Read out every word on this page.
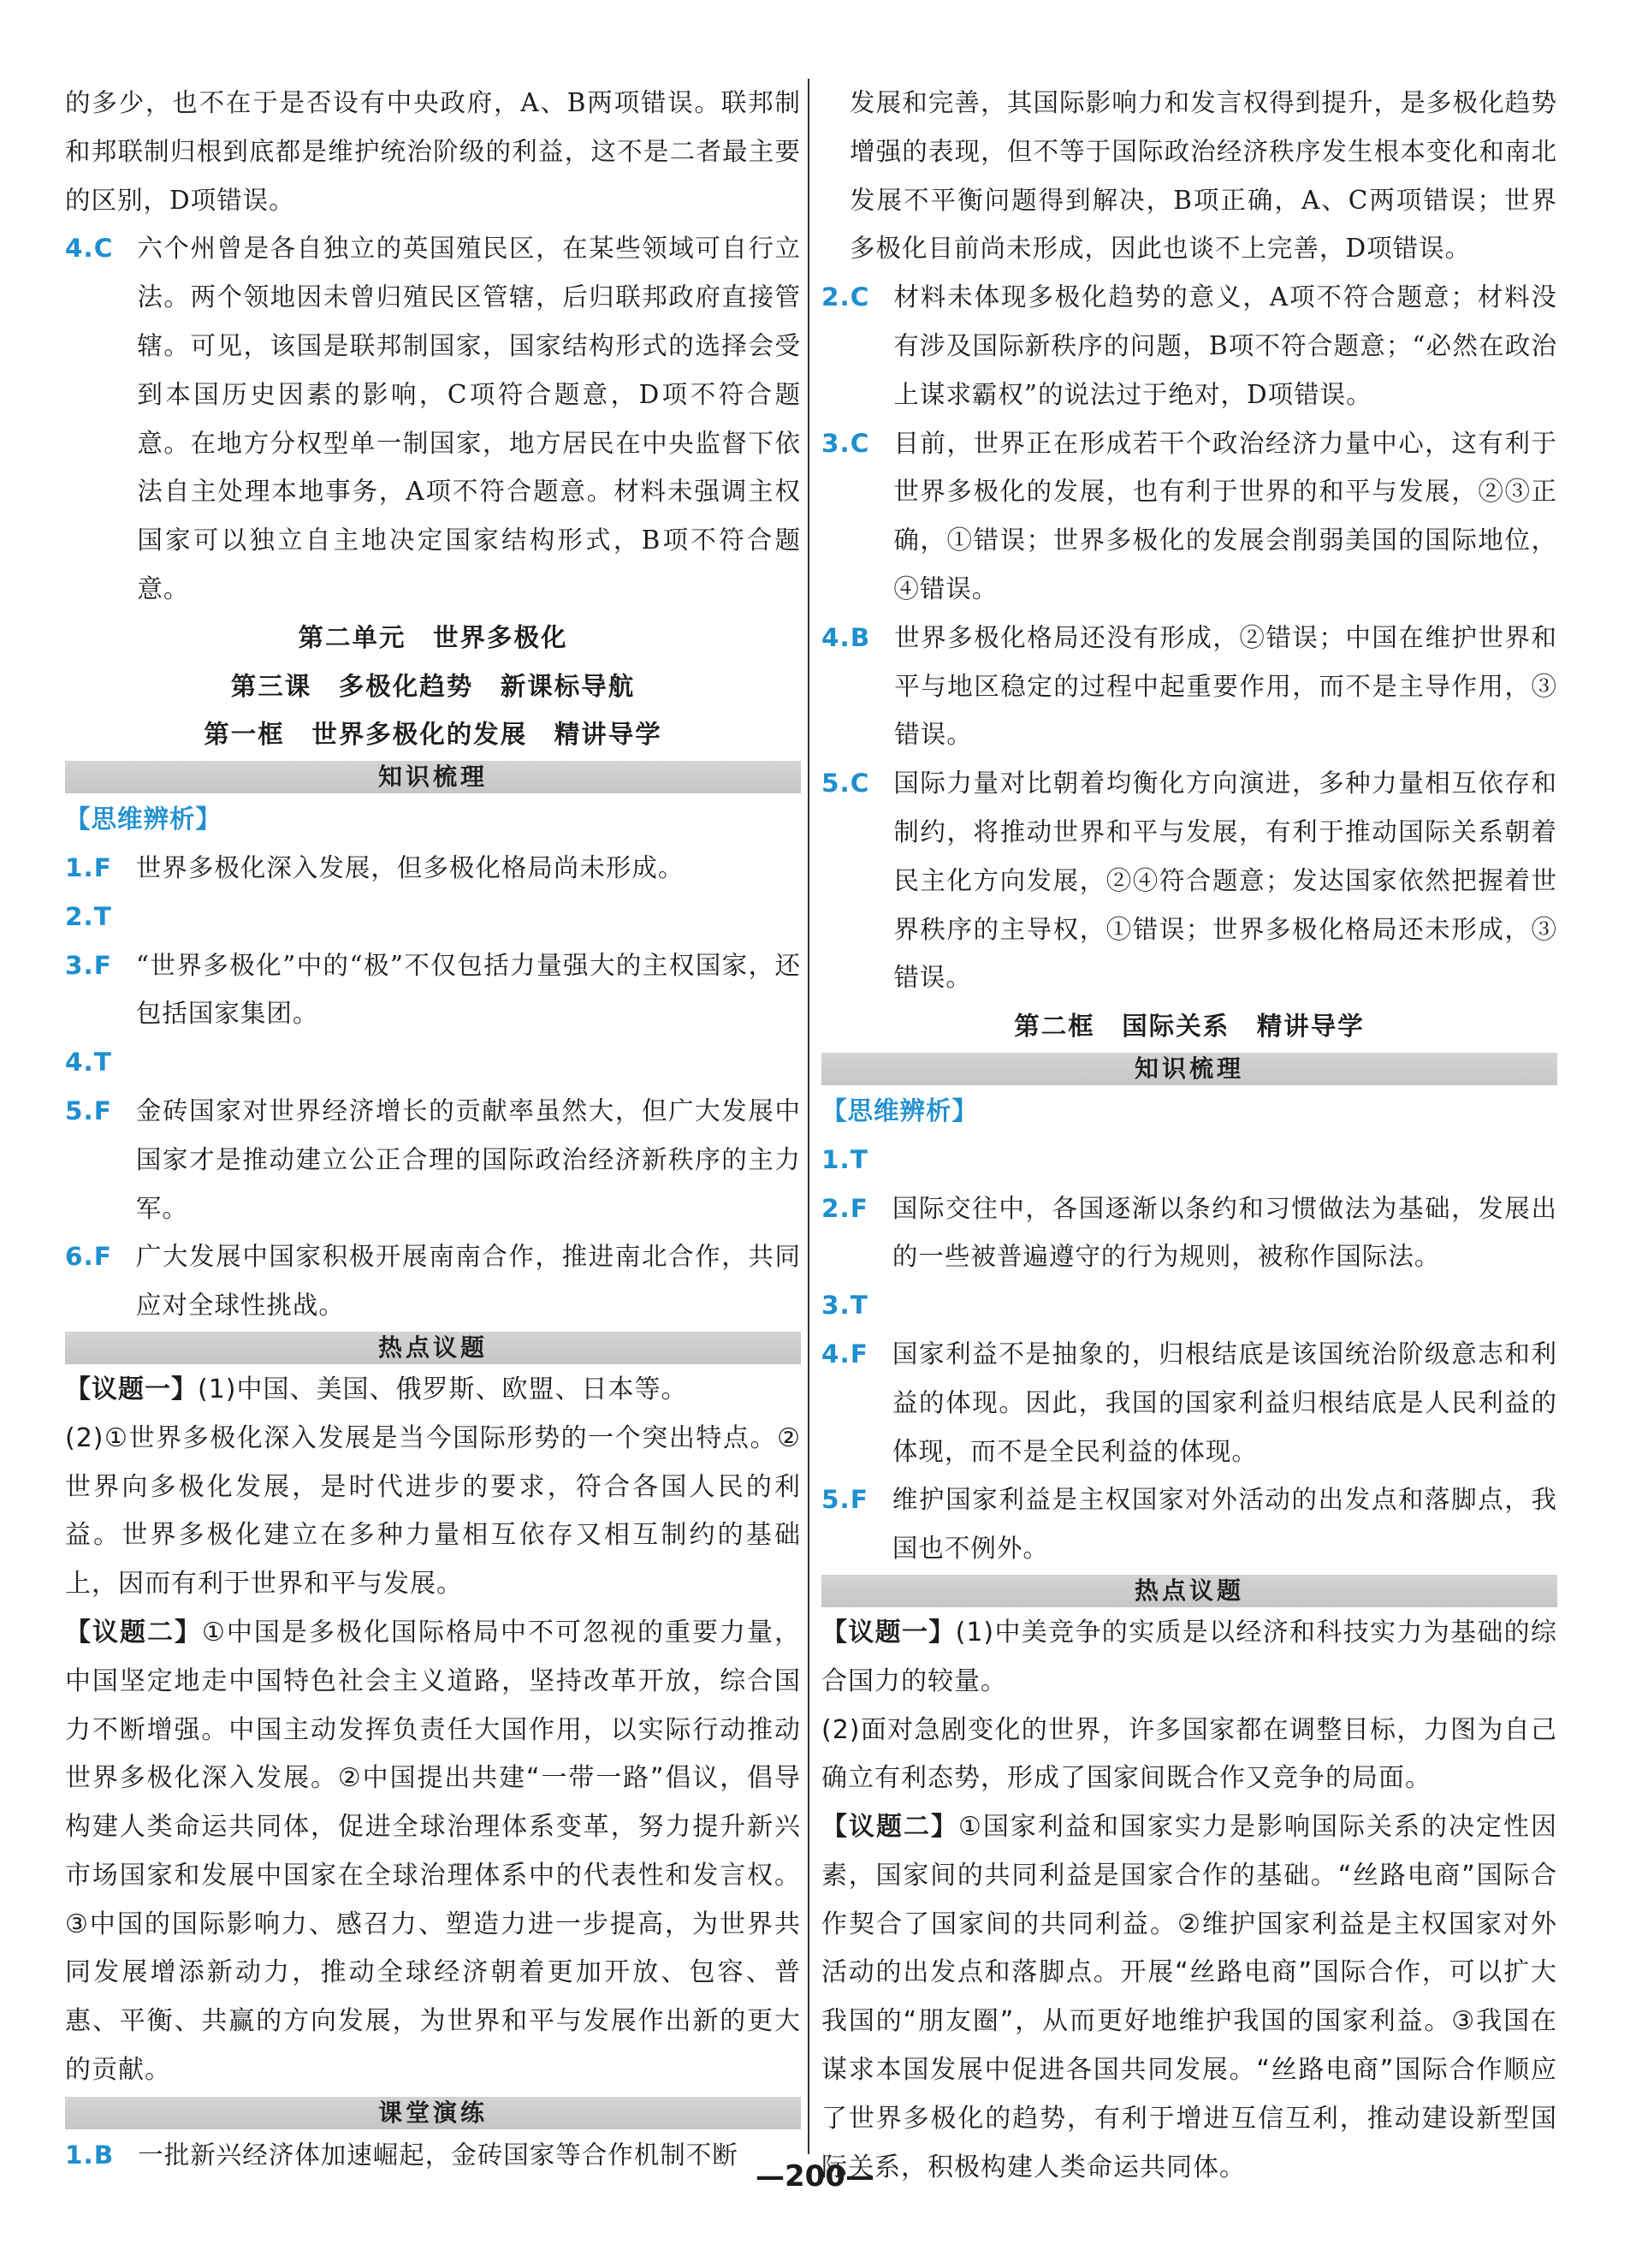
的多少，也不在于是否设有中央政府，A、B两项错误。联邦制和邦联制归根到底都是维护统治阶级的利益，这不是二者最主要的区别，D项错误。
4.C 六个州曾是各自独立的英国殖民区，在某些领域可自行立法。两个领地因未曾归殖民区管辖，后归联邦政府直接管辖。可见，该国是联邦制国家，国家结构形式的选择会受到本国历史因素的影响，C项符合题意，D项不符合题意。在地方分权型单一制国家，地方居民在中央监督下依法自主处理本地事务，A项不符合题意。材料未强调主权国家可以独立自主地决定国家结构形式，B项不符合题意。
第二单元　世界多极化
第三课　多极化趋势　新课标导航
第一框　世界多极化的发展　精讲导学
知识梳理
【思维辨析】
1.F 世界多极化深入发展，但多极化格局尚未形成。
2.T
3.F “世界多极化”中的“极”不仅包括力量强大的主权国家，还包括国家集团。
4.T
5.F 金砖国家对世界经济增长的贡献率虽然大，但广大发展中国家才是推动建立公正合理的国际政治经济新秩序的主力军。
6.F 广大发展中国家积极开展南南合作，推进南北合作，共同应对全球性挑战。
热点议题
【议题一】(1)中国、美国、俄罗斯、欧盟、日本等。
(2)①世界多极化深入发展是当今国际形势的一个突出特点。②世界向多极化发展，是时代进步的要求，符合各国人民的利益。世界多极化建立在多种力量相互依存又相互制约的基础上，因而有利于世界和平与发展。
【议题二】①中国是多极化国际格局中不可忽视的重要力量，中国坚定地走中国特色社会主义道路，坚持改革开放，综合国力不断增强。中国主动发挥负责任大国作用，以实际行动推动世界多极化深入发展。②中国提出共建“一带一路”倡议，倡导构建人类命运共同体，促进全球治理体系变革，努力提升新兴市场国家和发展中国家在全球治理体系中的代表性和发言权。③中国的国际影响力、感召力、塑造力进一步提高，为世界共同发展增添新动力，推动全球经济朝着更加开放、包容、普惠、平衡、共赢的方向发展，为世界和平与发展作出新的更大的贡献。
课堂演练
1.B 一批新兴经济体加速崛起，金砖国家等合作机制不断
发展和完善，其国际影响力和发言权得到提升，是多极化趋势增强的表现，但不等于国际政治经济秩序发生根本变化和南北发展不平衡问题得到解决，B项正确，A、C两项错误；世界多极化目前尚未形成，因此也谈不上完善，D项错误。
2.C 材料未体现多极化趋势的意义，A项不符合题意；材料没有涉及国际新秩序的问题，B项不符合题意；“必然在政治上谋求霸权”的说法过于绝对，D项错误。
3.C 目前，世界正在形成若干个政治经济力量中心，这有利于世界多极化的发展，也有利于世界的和平与发展，②③正确，①错误；世界多极化的发展会削弱美国的国际地位，④错误。
4.B 世界多极化格局还没有形成，②错误；中国在维护世界和平与地区稳定的过程中起重要作用，而不是主导作用，③错误。
5.C 国际力量对比朝着均衡化方向演进，多种力量相互依存和制约，将推动世界和平与发展，有利于推动国际关系朝着民主化方向发展，②④符合题意；发达国家依然把握着世界秩序的主导权，①错误；世界多极化格局还未形成，③错误。
第二框　国际关系　精讲导学
知识梳理
【思维辨析】
1.T
2.F 国际交往中，各国逐渐以条约和习惯做法为基础，发展出的一些被普遍遵守的行为规则，被称作国际法。
3.T
4.F 国家利益不是抽象的，归根结底是该国统治阶级意志和利益的体现。因此，我国的国家利益归根结底是人民利益的体现，而不是全民利益的体现。
5.F 维护国家利益是主权国家对外活动的出发点和落脚点，我国也不例外。
热点议题
【议题一】(1)中美竞争的实质是以经济和科技实力为基础的综合国力的较量。
(2)面对急剧变化的世界，许多国家都在调整目标，力图为自己确立有利态势，形成了国家间既合作又竞争的局面。
【议题二】①国家利益和国家实力是影响国际关系的决定性因素，国家间的共同利益是国家合作的基础。“丝路电商”国际合作契合了国家间的共同利益。②维护国家利益是主权国家对外活动的出发点和落脚点。开展“丝路电商”国际合作，可以扩大我国的“朋友圈”，从而更好地维护我国的国家利益。③我国在谋求本国发展中促进各国共同发展。“丝路电商”国际合作顺应了世界多极化的趋势，有利于增进互信互利，推动建设新型国际关系，积极构建人类命运共同体。
—200—
